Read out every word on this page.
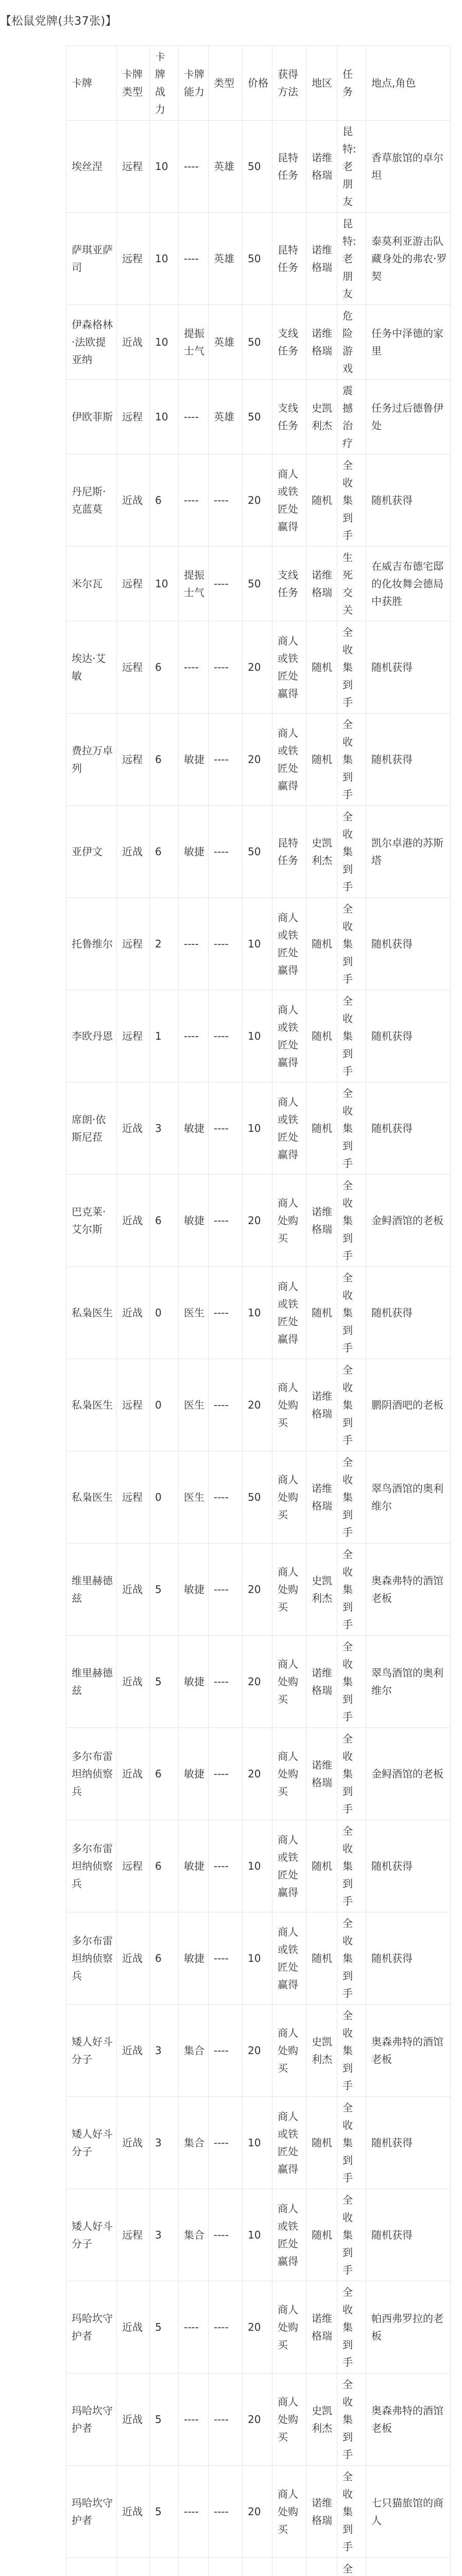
【松鼠党牌(共37张)】
卡牌	卡牌类型	卡牌战力	卡牌能力	类型	价格	获得方法	地区	任务	地点,角色
埃丝涅	远程	10	----	英雄	50	昆特任务	诺维格瑞	昆特:老朋友	香草旅馆的卓尔坦
萨琪亚萨司	远程	10	----	英雄	50	昆特任务	诺维格瑞	昆特:老朋友	泰莫利亚游击队藏身处的弗农·罗契
伊森格林·法欧提亚纳	近战	10	提振士气	英雄	50	支线任务	诺维格瑞	危险游戏	任务中泽德的家里
伊欧菲斯	远程	10	----	英雄	50	支线任务	史凯利杰	震撼治疗	任务过后德鲁伊处
丹尼斯·克蓝莫	近战	6	----	----	20	商人或铁匠处赢得	随机	全收集到手	随机获得
米尔瓦	远程	10	提振士气	----	50	支线任务	诺维格瑞	生死交关	在威吉布德宅邸的化妆舞会德局中获胜
埃达·艾敏	远程	6	----	----	20	商人或铁匠处赢得	随机	全收集到手	随机获得
费拉万卓列	远程	6	敏捷	----	20	商人或铁匠处赢得	随机	全收集到手	随机获得
亚伊文	近战	6	敏捷	----	50	昆特任务	史凯利杰	全收集到手	凯尔卓港的苏斯塔
托鲁维尔	远程	2	----	----	10	商人或铁匠处赢得	随机	全收集到手	随机获得
李欧丹恩	远程	1	----	----	10	商人或铁匠处赢得	随机	全收集到手	随机获得
席朗·依斯尼菈	近战	3	敏捷	----	10	商人或铁匠处赢得	随机	全收集到手	随机获得
巴克莱·艾尔斯	近战	6	敏捷	----	20	商人处购买	诺维格瑞	全收集到手	金鲟酒馆的老板
私枭医生	近战	0	医生	----	10	商人或铁匠处赢得	随机	全收集到手	随机获得
私枭医生	远程	0	医生	----	20	商人处购买	诺维格瑞	全收集到手	鹏阴酒吧的老板
私枭医生	远程	0	医生	----	50	商人处购买	诺维格瑞	全收集到手	翠鸟酒馆的奥利维尔
维里赫德兹	近战	5	敏捷	----	20	商人处购买	史凯利杰	全收集到手	奥森弗特的酒馆老板
维里赫德兹	近战	5	敏捷	----	20	商人处购买	诺维格瑞	全收集到手	翠鸟酒馆的奥利维尔
多尔布雷坦纳侦察兵	近战	6	敏捷	----	20	商人处购买	诺维格瑞	全收集到手	金鲟酒馆的老板
多尔布雷坦纳侦察兵	远程	6	敏捷	----	10	商人或铁匠处赢得	随机	全收集到手	随机获得
多尔布雷坦纳侦察兵	近战	6	敏捷	----	10	商人或铁匠处赢得	随机	全收集到手	随机获得
矮人好斗分子	近战	3	集合	----	20	商人处购买	史凯利杰	全收集到手	奥森弗特的酒馆老板
矮人好斗分子	近战	3	集合	----	10	商人或铁匠处赢得	随机	全收集到手	随机获得
矮人好斗分子	远程	3	集合	----	10	商人或铁匠处赢得	随机	全收集到手	随机获得
玛哈坎守护者	近战	5	----	----	20	商人处购买	诺维格瑞	全收集到手	帕西弗罗拉的老板
玛哈坎守护者	近战	5	----	----	20	商人处购买	史凯利杰	全收集到手	奥森弗特的酒馆老板
玛哈坎守护者	近战	5	----	----	20	商人处购买	诺维格瑞	全收集到手	七只猫旅馆的商人
								全	
